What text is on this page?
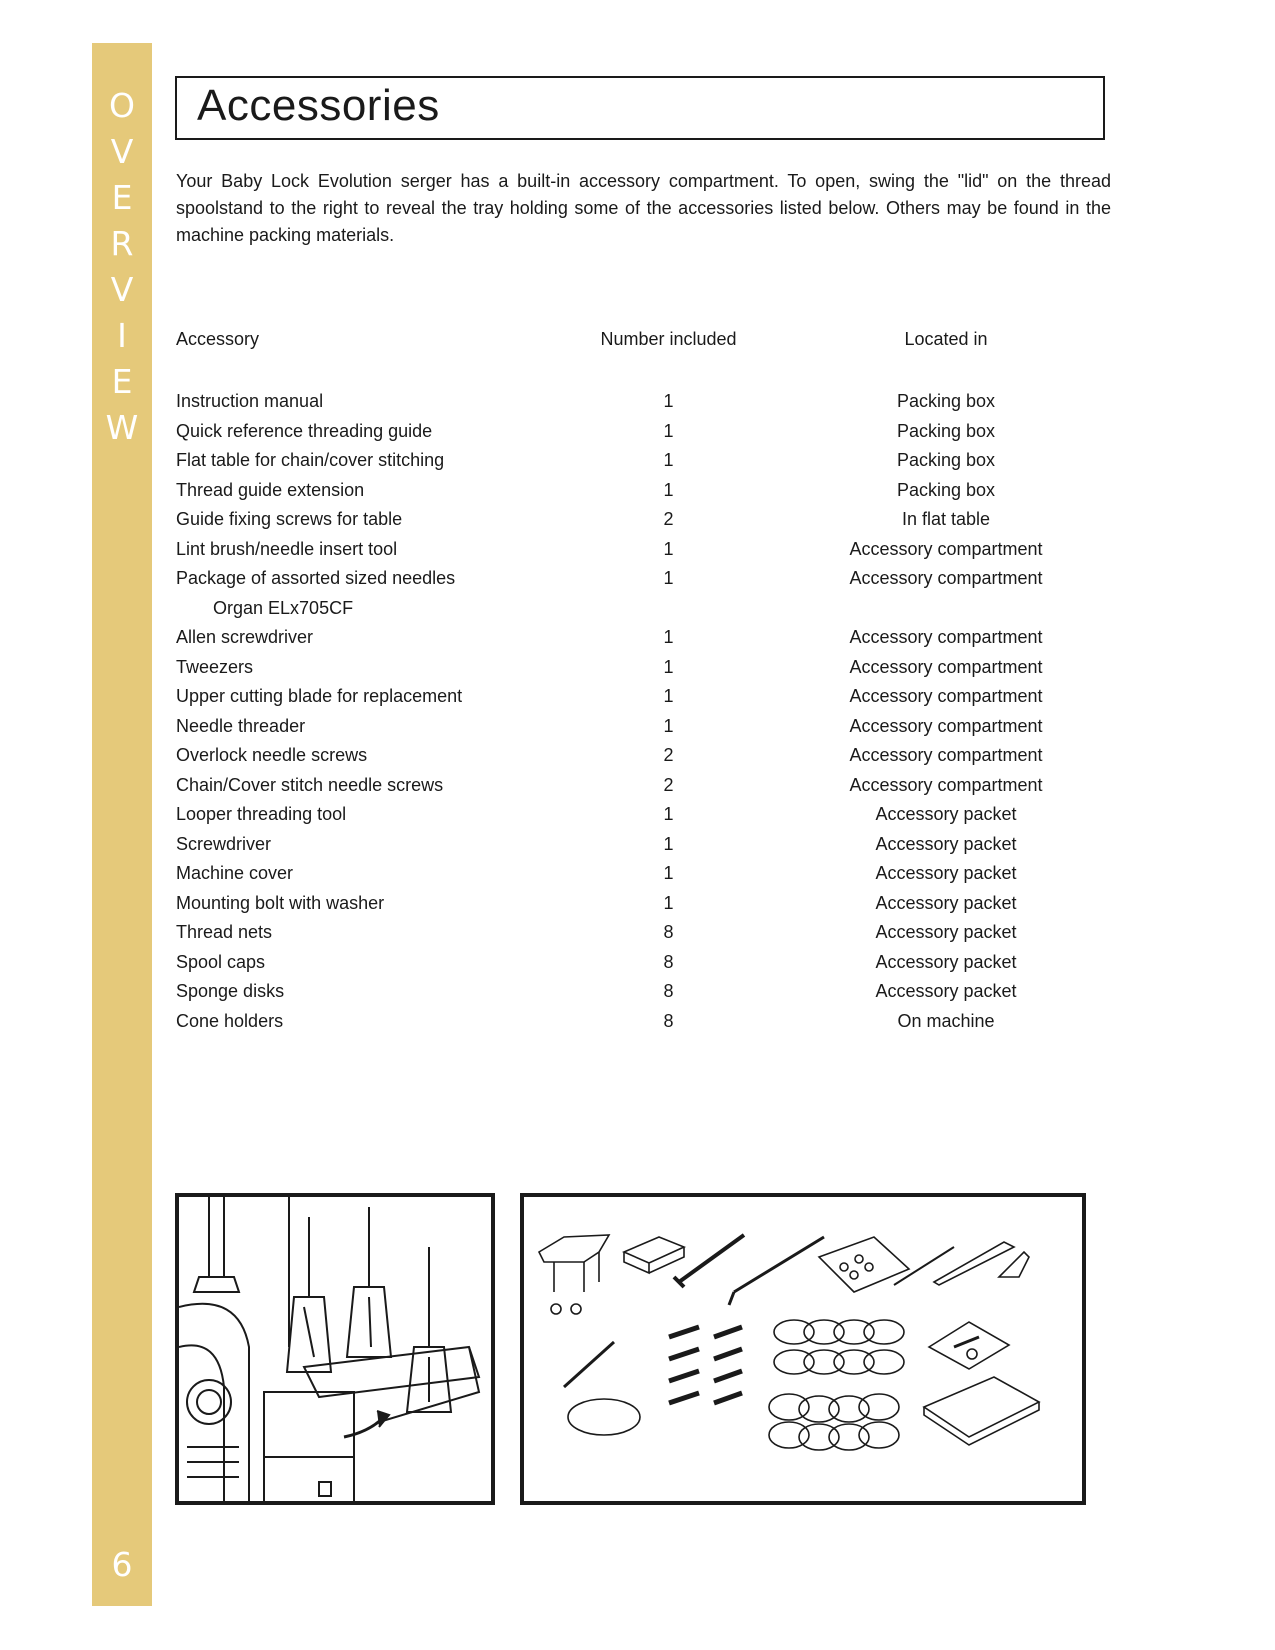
O
V
E
R
V
I
E
W
6
Accessories

Your Baby Lock Evolution serger has a built-in accessory compartment. To open, swing the "lid" on the thread spoolstand to the right to reveal the tray holding some of the accessories listed below. Others may be found in the machine packing materials.

Accessory	Number included	Located in
Instruction manual	1	Packing box
Quick reference threading guide	1	Packing box
Flat table for chain/cover stitching	1	Packing box
Thread guide extension	1	Packing box
Guide fixing screws for table	2	In flat table
Lint brush/needle insert tool	1	Accessory compartment
Package of assorted sized needles	1	Accessory compartment
Organ ELx705CF
Allen screwdriver	1	Accessory compartment
Tweezers	1	Accessory compartment
Upper cutting blade for replacement	1	Accessory compartment
Needle threader	1	Accessory compartment
Overlock needle screws	2	Accessory compartment
Chain/Cover stitch needle screws	2	Accessory compartment
Looper threading tool	1	Accessory packet
Screwdriver	1	Accessory packet
Machine cover	1	Accessory packet
Mounting bolt with washer	1	Accessory packet
Thread nets	8	Accessory packet
Spool caps	8	Accessory packet
Sponge disks	8	Accessory packet
Cone holders	8	On machine
